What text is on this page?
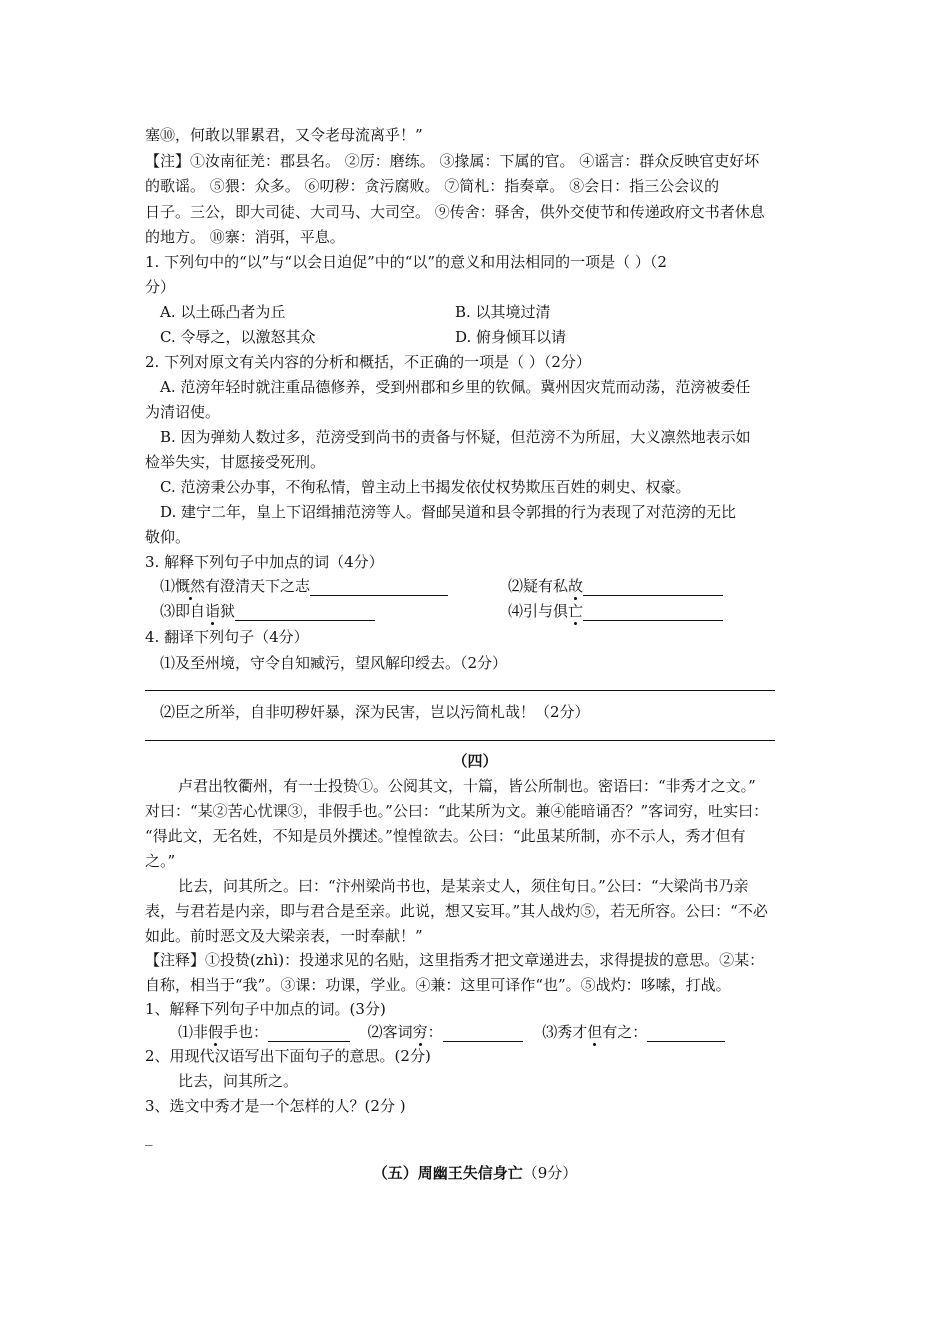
塞⑩，何敢以罪累君，又令老母流离乎！”
【注】①汝南征羌：郡县名。 ②厉：磨练。 ③掾属：下属的官。 ④谣言：群众反映官吏好坏
的歌谣。 ⑤猥：众多。 ⑥叨秽：贪污腐败。 ⑦简札：指奏章。 ⑧会日：指三公会议的
日子。三公，即大司徒、大司马、大司空。 ⑨传舍：驿舍，供外交使节和传递政府文书者休息
的地方。 ⑩寨：消弭，平息。
1. 下列句中的“以”与“以会日迫促”中的“以”的意义和用法相同的一项是（ ）（2
分）
A. 以土砾凸者为丘	B. 以其境过清
C. 令辱之，以激怒其众	D. 俯身倾耳以请
2. 下列对原文有关内容的分析和概括，不正确的一项是（ ）（2分）
A. 范滂年轻时就注重品德修养，受到州郡和乡里的钦佩。冀州因灾荒而动荡，范滂被委任
为清诏使。
B. 因为弹劾人数过多，范滂受到尚书的责备与怀疑，但范滂不为所屈，大义凛然地表示如
检举失实，甘愿接受死刑。
C. 范滂秉公办事，不徇私情，曾主动上书揭发依仗权势欺压百姓的刺史、权豪。
D. 建宁二年，皇上下诏缉捕范滂等人。督邮吴道和县令郭揖的行为表现了对范滂的无比
敬仰。
3. 解释下列句子中加点的词（4分）
⑴慨然有澄清天下之志	⑵疑有私故
⑶即自诣狱	⑷引与俱亡
4. 翻译下列句子（4分）
⑴及至州境，守令自知臧污，望风解印绶去。（2分）
⑵臣之所举，自非叨秽奸暴，深为民害，岂以污简札哉！（2分）
（四）
卢君出牧衢州，有一士投贽①。公阅其文，十篇，皆公所制也。密语曰：“非秀才之文。”
对曰：“某②苦心忧课③，非假手也。”公曰：“此某所为文。兼④能暗诵否？”客词穷，吐实曰：
“得此文，无名姓，不知是员外撰述。”惶惶欲去。公曰：“此虽某所制，亦不示人，秀才但有
之。”
比去，问其所之。曰：“汴州梁尚书也，是某亲丈人，须住旬日。”公曰：“大梁尚书乃亲
表，与君若是内亲，即与君合是至亲。此说，想又妄耳。”其人战灼⑤，若无所容。公曰：“不必
如此。前时恶文及大梁亲表，一时奉献！”
【注释】①投贽(zhì)：投递求见的名贴，这里指秀才把文章递进去，求得提拔的意思。②某：
自称，相当于“我”。③课：功课，学业。④兼：这里可译作“也”。⑤战灼：哆嗦，打战。
1、解释下列句子中加点的词。(3分)
⑴非假手也：	⑵客词穷：	⑶秀才但有之：
2、用现代汉语写出下面句子的意思。(2分)
比去，问其所之。
3、选文中秀才是一个怎样的人？(2分 )
_
（五）周幽王失信身亡（9分）
